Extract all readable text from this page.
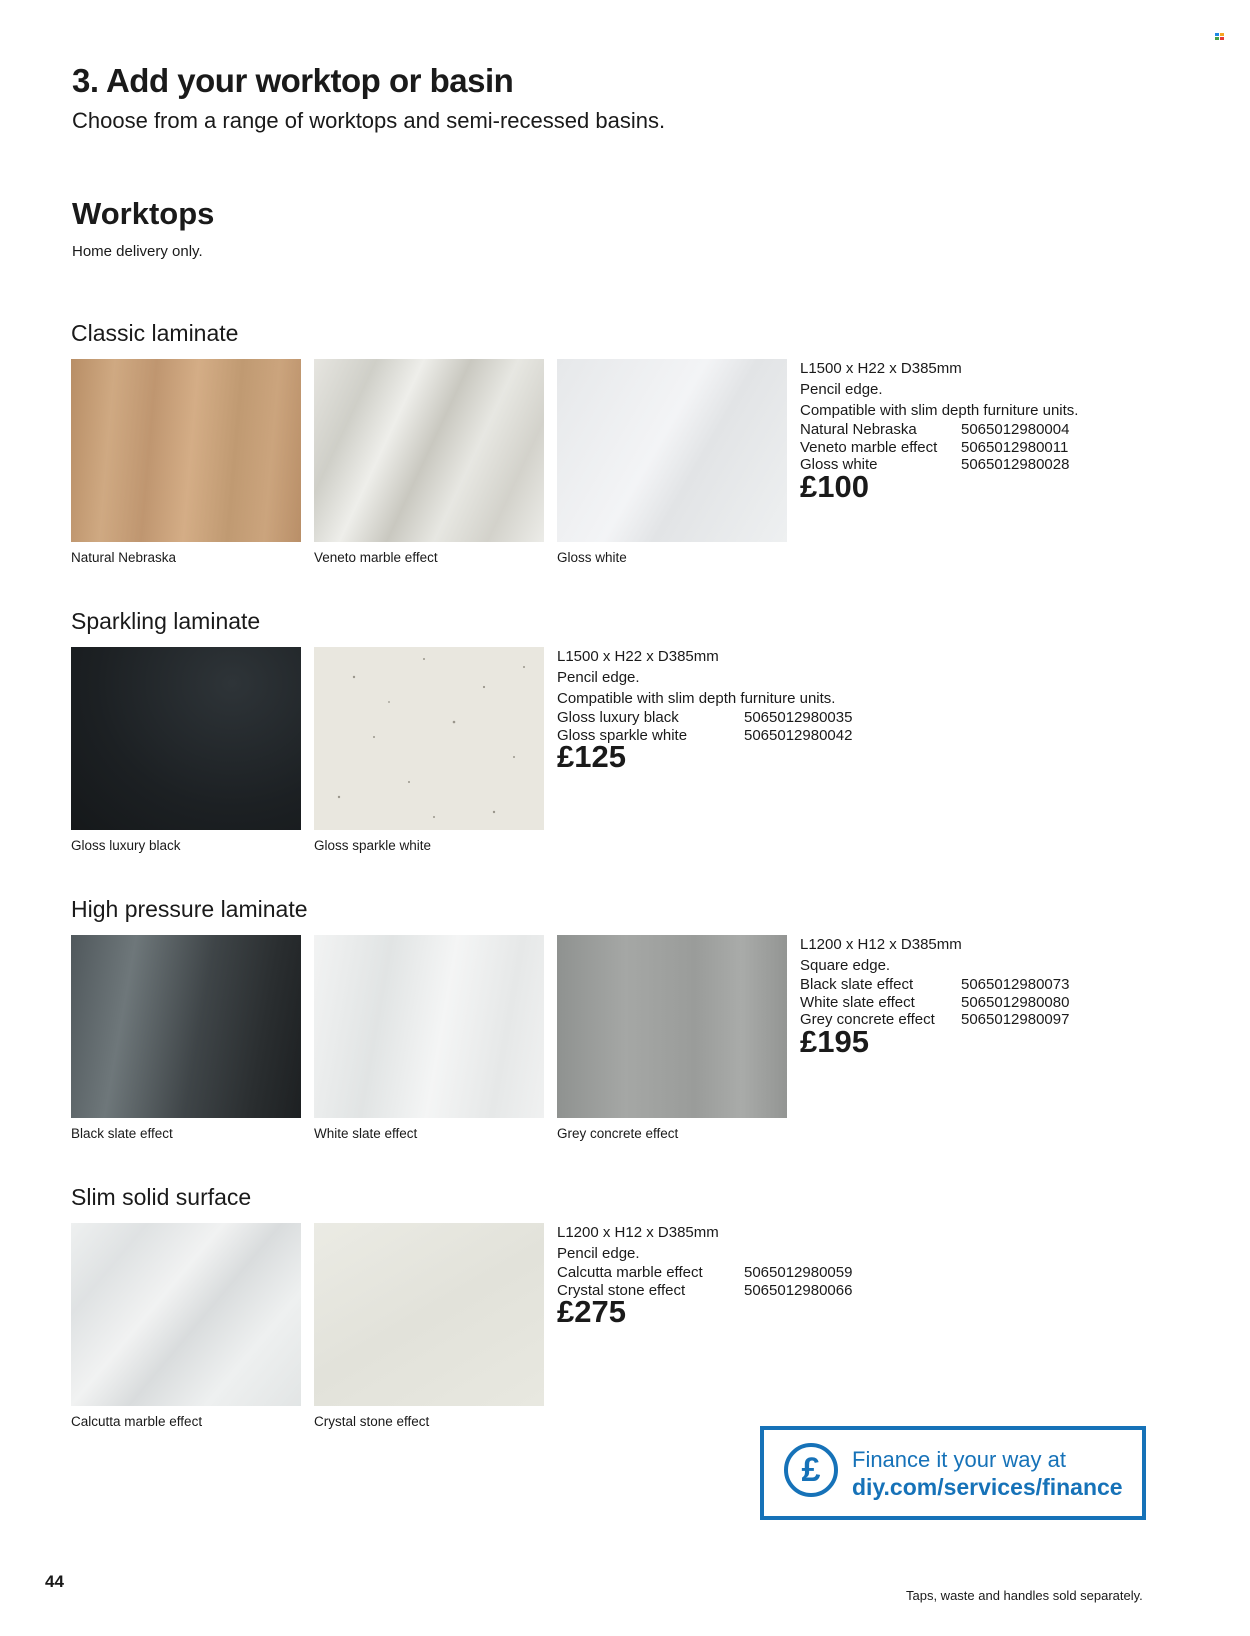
3. Add your worktop or basin
Choose from a range of worktops and semi-recessed basins.
Worktops
Home delivery only.
Classic laminate
Natural Nebraska	Veneto marble effect	Gloss white
L1500 x H22 x D385mm
Pencil edge.
Compatible with slim depth furniture units.
Natural Nebraska	5065012980004
Veneto marble effect	5065012980011
Gloss white	5065012980028
£100
Sparkling laminate
Gloss luxury black	Gloss sparkle white
L1500 x H22 x D385mm
Pencil edge.
Compatible with slim depth furniture units.
Gloss luxury black	5065012980035
Gloss sparkle white	5065012980042
£125
High pressure laminate
Black slate effect	White slate effect	Grey concrete effect
L1200 x H12 x D385mm
Square edge.
Black slate effect	5065012980073
White slate effect	5065012980080
Grey concrete effect	5065012980097
£195
Slim solid surface
Calcutta marble effect	Crystal stone effect
L1200 x H12 x D385mm
Pencil edge.
Calcutta marble effect	5065012980059
Crystal stone effect	5065012980066
£275
£	Finance it your way at
diy.com/services/finance
44
Taps, waste and handles sold separately.
